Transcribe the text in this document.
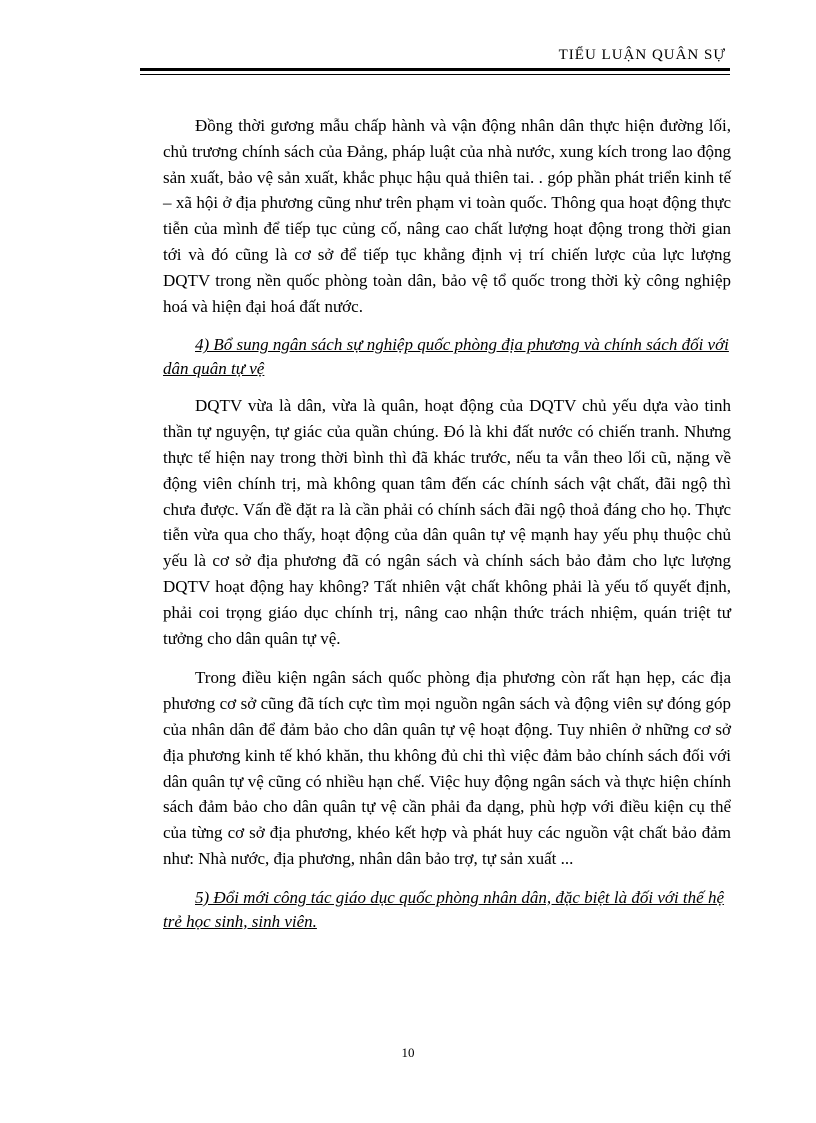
TIỂU LUẬN QUÂN SỰ

Đồng thời gương mẫu chấp hành và vận động nhân dân thực hiện đường lối, chủ trương chính sách của Đảng, pháp luật của nhà nước, xung kích trong lao động sản xuất, bảo vệ sản xuất, khắc phục hậu quả thiên tai. . góp phần phát triển kinh tế – xã hội ở địa phương cũng như trên phạm vi toàn quốc. Thông qua hoạt động thực tiễn của mình để tiếp tục củng cố, nâng cao chất lượng hoạt động trong thời gian tới và đó cũng là cơ sở để tiếp tục khẳng định vị trí chiến lược của lực lượng DQTV trong nền quốc phòng toàn dân, bảo vệ tổ quốc trong thời kỳ công nghiệp hoá và hiện đại hoá đất nước.

4) Bổ sung ngân sách sự nghiệp quốc phòng địa phương và chính sách đối với dân quân tự vệ

DQTV vừa là dân, vừa là quân, hoạt động của DQTV chủ yếu dựa vào tinh thần tự nguyện, tự giác của quần chúng. Đó là khi đất nước có chiến tranh. Nhưng thực tế hiện nay trong thời bình thì đã khác trước, nếu ta vẫn theo lối cũ, nặng về động viên chính trị, mà không quan tâm đến các chính sách vật chất, đãi ngộ thì chưa được. Vấn đề đặt ra là cần phải có chính sách đãi ngộ thoả đáng cho họ. Thực tiễn vừa qua cho thấy, hoạt động của dân quân tự vệ mạnh hay yếu phụ thuộc chủ yếu là cơ sở địa phương đã có ngân sách và chính sách bảo đảm cho lực lượng DQTV hoạt động hay không? Tất nhiên vật chất không phải là yếu tố quyết định, phải coi trọng giáo dục chính trị, nâng cao nhận thức trách nhiệm, quán triệt tư tưởng cho dân quân tự vệ.

Trong điều kiện ngân sách quốc phòng địa phương còn rất hạn hẹp, các địa phương cơ sở cũng đã tích cực tìm mọi nguồn ngân sách và động viên sự đóng góp của nhân dân để đảm bảo cho dân quân tự vệ hoạt động. Tuy nhiên ở những cơ sở địa phương kinh tế khó khăn, thu không đủ chi thì việc đảm bảo chính sách đối với dân quân tự vệ cũng có nhiều hạn chế. Việc huy động ngân sách và thực hiện chính sách đảm bảo cho dân quân tự vệ cần phải đa dạng, phù hợp với điều kiện cụ thể của từng cơ sở địa phương, khéo kết hợp và phát huy các nguồn vật chất bảo đảm như: Nhà nước, địa phương, nhân dân bảo trợ, tự sản xuất ...

5) Đổi mới công tác giáo dục quốc phòng nhân dân, đặc biệt là đối với thế hệ trẻ học sinh, sinh viên.

10
